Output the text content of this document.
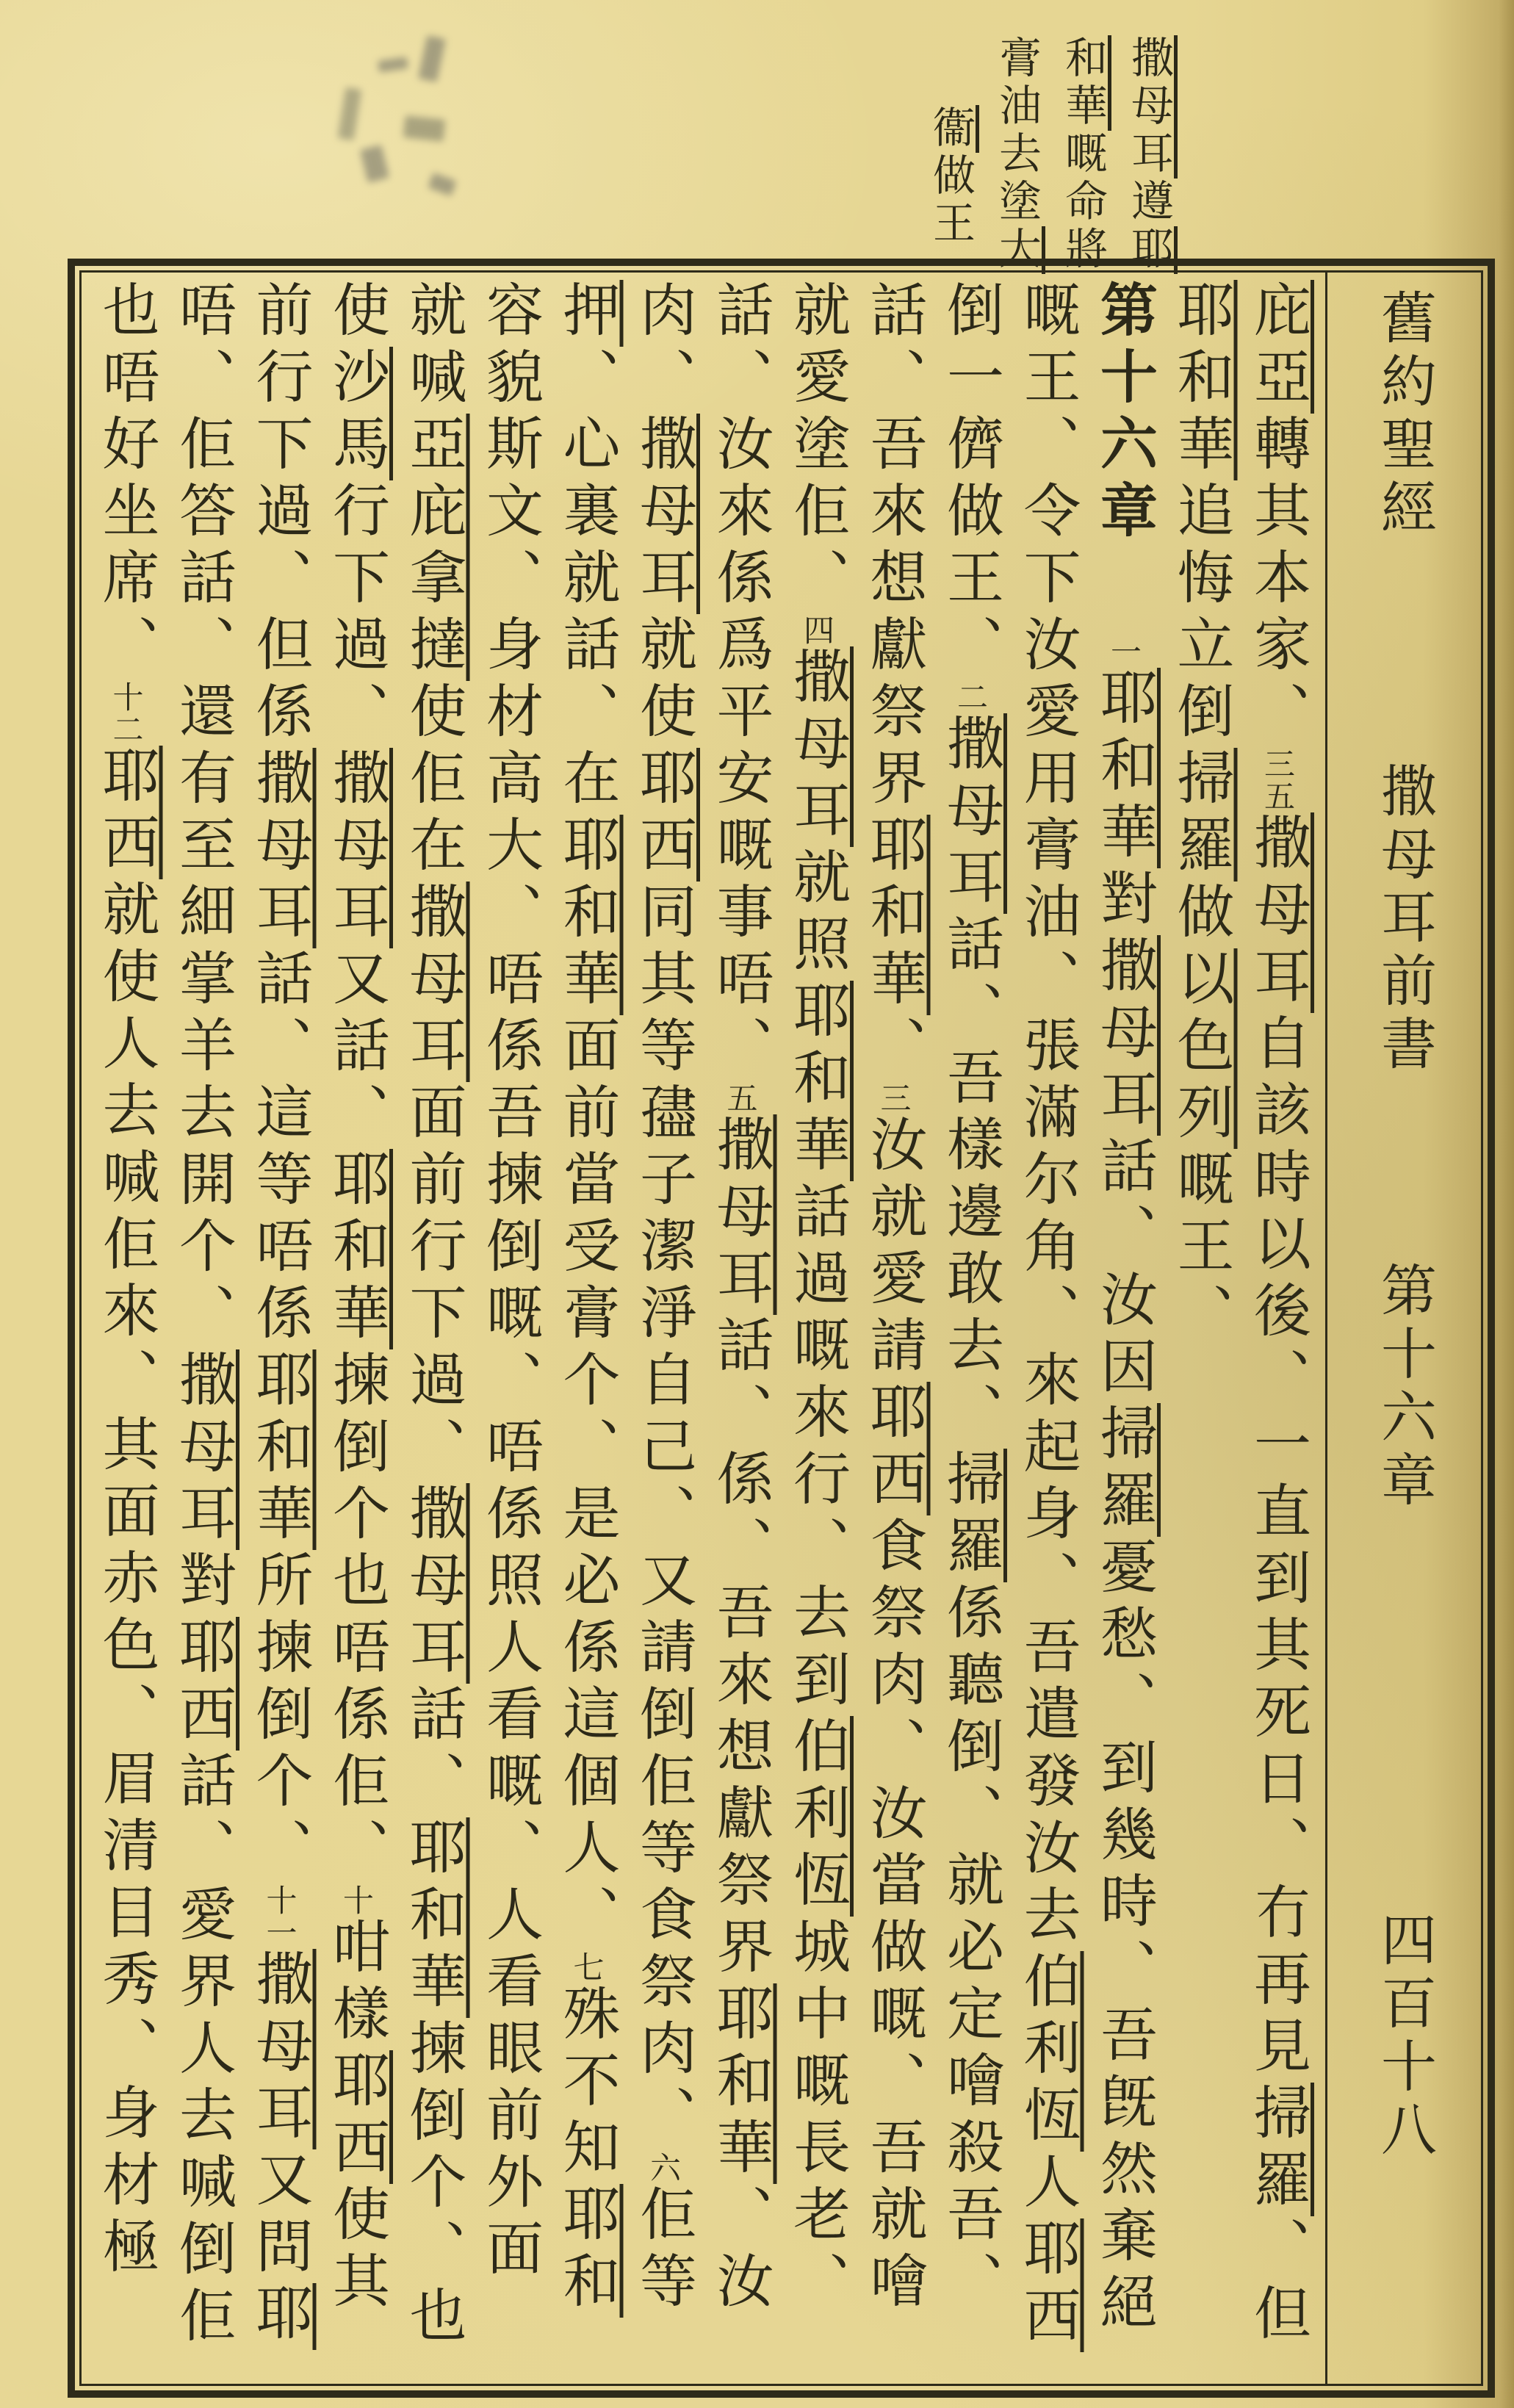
撒母耳遵耶
和華嘅命將
膏油去塗大
衞做王
庇亞轉其本家、三五撒母耳自該時以後、一直到其死日、冇再見掃羅、但
耶和華追悔立倒掃羅做以色列嘅王、
第十六章一耶和華對撒母耳話、汝因掃羅憂愁、到幾時、吾旣然棄絕
嘅王、令下汝愛用膏油、張滿尔角、來起身、吾遣發汝去伯利恆人耶西
倒一儕做王、二撒母耳話、吾樣邊敢去、掃羅係聽倒、就必定噲殺吾、
話、吾來想獻祭界耶和華、三汝就愛請耶西食祭肉、汝當做嘅、吾就噲
就愛塗佢、四撒母耳就照耶和華話過嘅來行、去到伯利恆城中嘅長老、
話、汝來係爲平安嘅事唔、五撒母耳話、係、吾來想獻祭界耶和華、汝
肉、撒母耳就使耶西同其等孻子潔淨自己、又請倒佢等食祭肉、六佢等
押、心裏就話、在耶和華面前當受膏个、是必係這個人、七殊不知耶和
容貌斯文、身材高大、唔係吾揀倒嘅、唔係照人看嘅、人看眼前外面
就喊亞庇拿撻使佢在撒母耳面前行下過、撒母耳話、耶和華揀倒个、也
使沙馬行下過、撒母耳又話、耶和華揀倒个也唔係佢、十咁樣耶西使其
前行下過、但係撒母耳話、這等唔係耶和華所揀倒个、十一撒母耳又問耶
唔、佢答話、還有至細掌羊去開个、撒母耳對耶西話、愛界人去喊倒佢
也唔好坐席、十二耶西就使人去喊佢來、其面赤色、眉清目秀、身材極
舊約聖經撒母耳前書第十六章四百十八
